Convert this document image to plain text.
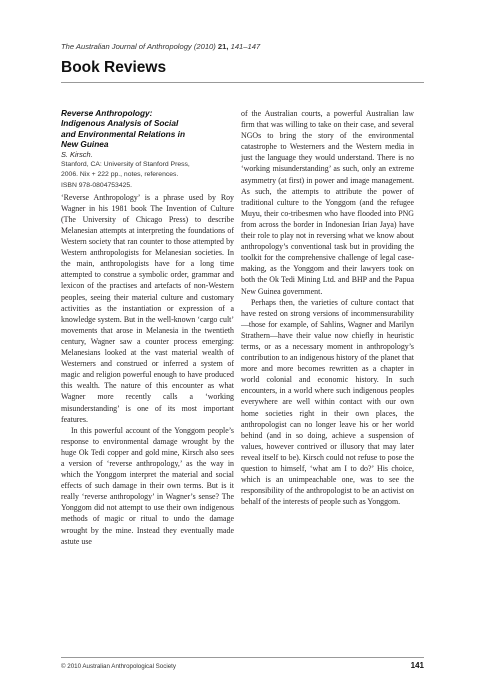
The Australian Journal of Anthropology (2010) 21, 141–147
Book Reviews

Reverse Anthropology:

Indigenous Analysis of Social

and Environmental Relations in

New Guinea

S. Kirsch.

Stanford, CA: University of Stanford Press,

2006. Nix + 222 pp., notes, references.

ISBN 978-0804753425.

‘Reverse Anthropology’ is a phrase used by Roy Wagner in his 1981 book The Invention of Culture (The University of Chicago Press) to describe Melanesian attempts at interpreting the foundations of Western society that ran counter to those attempted by Western anthropologists for Melanesian societies. In the main, anthropologists have for a long time attempted to construe a symbolic order, grammar and lexicon of the practises and artefacts of non-Western peoples, seeing their material culture and customary activities as the instantiation or expression of a knowledge system. But in the well-known ‘cargo cult’ movements that arose in Melanesia in the twentieth century, Wagner saw a counter process emerging: Melanesians looked at the vast material wealth of Westerners and construed or inferred a system of magic and religion powerful enough to have produced this wealth. The nature of this encounter as what Wagner more recently calls a ‘working misunderstanding’ is one of its most important features.

In this powerful account of the Yonggom people’s response to environmental damage wrought by the huge Ok Tedi copper and gold mine, Kirsch also sees a version of ‘reverse anthropology,’ as the way in which the Yonggom interpret the material and social effects of such damage in their own terms. But is it really ‘reverse anthropology’ in Wagner’s sense? The Yonggom did not attempt to use their own indigenous methods of magic or ritual to undo the damage wrought by the mine. Instead they eventually made astute use

of the Australian courts, a powerful Australian law firm that was willing to take on their case, and several NGOs to bring the story of the environmental catastrophe to Westerners and the Western media in just the language they would understand. There is no ‘working misunderstanding’ as such, only an extreme asymmetry (at first) in power and image management. As such, the attempts to attribute the power of traditional culture to the Yonggom (and the refugee Muyu, their co-tribesmen who have flooded into PNG from across the border in Indonesian Irian Jaya) have their role to play not in reversing what we know about anthropology’s conventional task but in providing the toolkit for the comprehensive challenge of legal case-making, as the Yonggom and their lawyers took on both the Ok Tedi Mining Ltd. and BHP and the Papua New Guinea government.

Perhaps then, the varieties of culture contact that have rested on strong versions of incommensurability—those for example, of Sahlins, Wagner and Marilyn Strathern—have their value now chiefly in heuristic terms, or as a necessary moment in anthropology’s contribution to an indigenous history of the planet that more and more becomes rewritten as a chapter in world colonial and economic history. In such encounters, in a world where such indigenous peoples everywhere are well within contact with our own home societies right in their own places, the anthropologist can no longer leave his or her world behind (and in so doing, achieve a suspension of values, however contrived or illusory that may later reveal itself to be). Kirsch could not refuse to pose the question to himself, ‘what am I to do?’ His choice, which is an unimpeachable one, was to see the responsibility of the anthropologist to be an activist on behalf of the interests of people such as Yonggom.

© 2010 Australian Anthropological Society	141
